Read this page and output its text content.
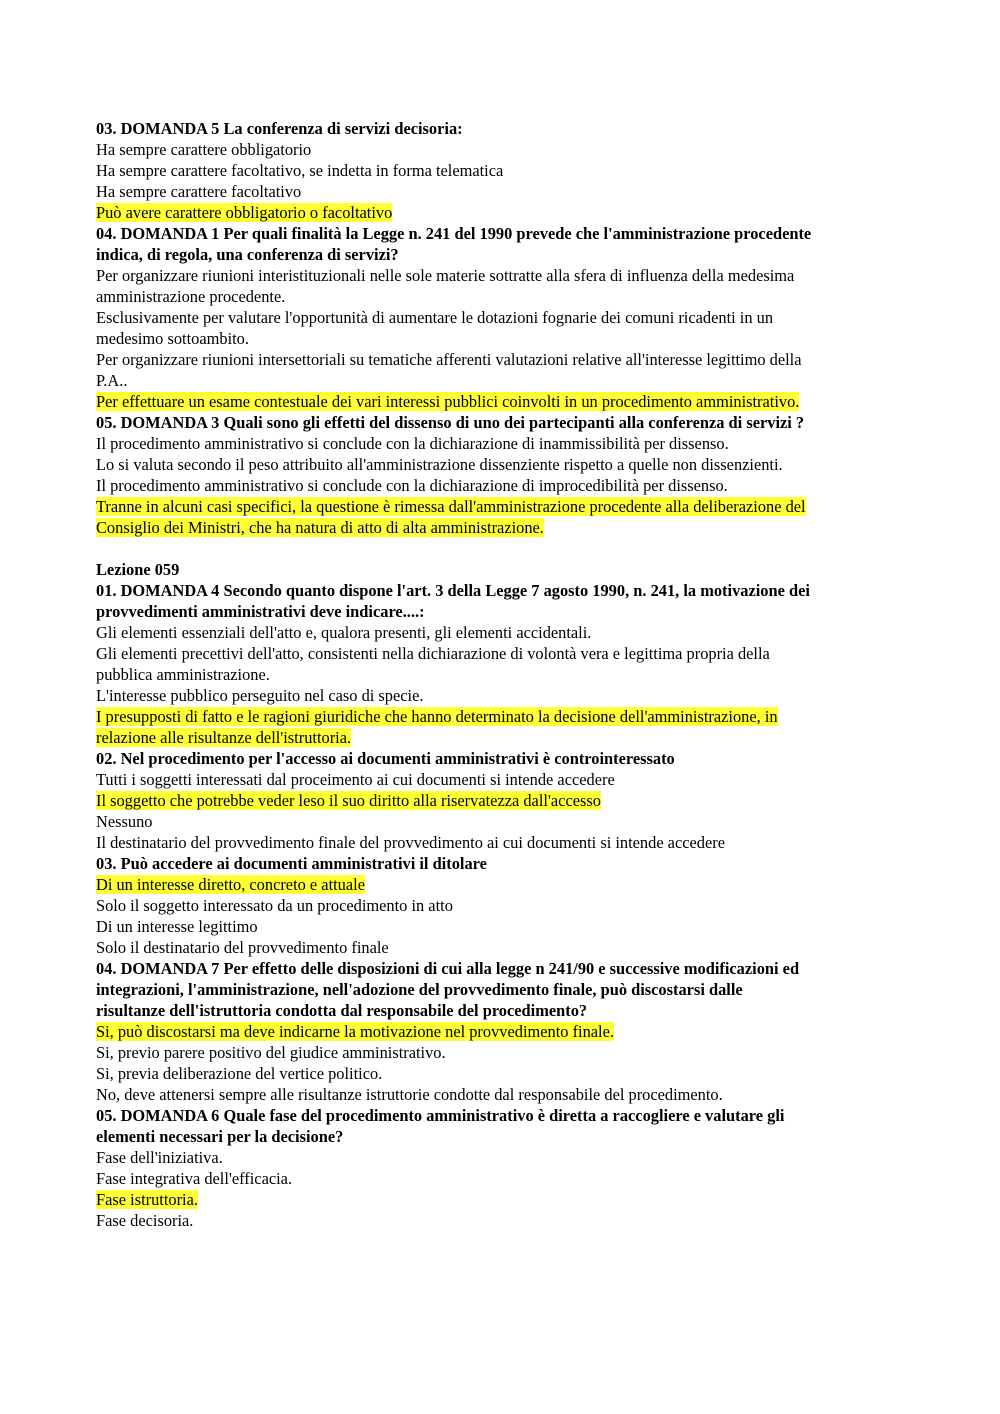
03. DOMANDA 5 La conferenza di servizi decisoria:
Ha sempre carattere obbligatorio
Ha sempre carattere facoltativo, se indetta in forma telematica
Ha sempre carattere facoltativo
Può avere carattere obbligatorio o facoltativo
04. DOMANDA 1 Per quali finalità la Legge n. 241 del 1990 prevede che l'amministrazione procedente
indica, di regola, una conferenza di servizi?
Per organizzare riunioni interistituzionali nelle sole materie sottratte alla sfera di influenza della medesima
amministrazione procedente.
Esclusivamente per valutare l'opportunità di aumentare le dotazioni fognarie dei comuni ricadenti in un
medesimo sottoambito.
Per organizzare riunioni intersettoriali su tematiche afferenti valutazioni relative all'interesse legittimo della
P.A..
Per effettuare un esame contestuale dei vari interessi pubblici coinvolti in un procedimento amministrativo.
05. DOMANDA 3 Quali sono gli effetti del dissenso di uno dei partecipanti alla conferenza di servizi ?
Il procedimento amministrativo si conclude con la dichiarazione di inammissibilità per dissenso.
Lo si valuta secondo il peso attribuito all'amministrazione dissenziente rispetto a quelle non dissenzienti.
Il procedimento amministrativo si conclude con la dichiarazione di improcedibilità per dissenso.
Tranne in alcuni casi specifici, la questione è rimessa dall'amministrazione procedente alla deliberazione del
Consiglio dei Ministri, che ha natura di atto di alta amministrazione.
Lezione 059
01. DOMANDA 4 Secondo quanto dispone l'art. 3 della Legge 7 agosto 1990, n. 241, la motivazione dei
provvedimenti amministrativi deve indicare....:
Gli elementi essenziali dell'atto e, qualora presenti, gli elementi accidentali.
Gli elementi precettivi dell'atto, consistenti nella dichiarazione di volontà vera e legittima propria della
pubblica amministrazione.
L'interesse pubblico perseguito nel caso di specie.
I presupposti di fatto e le ragioni giuridiche che hanno determinato la decisione dell'amministrazione, in
relazione alle risultanze dell'istruttoria.
02. Nel procedimento per l'accesso ai documenti amministrativi è controinteressato
Tutti i soggetti interessati dal proceimento ai cui documenti si intende accedere
Il soggetto che potrebbe veder leso il suo diritto alla riservatezza dall'accesso
Nessuno
Il destinatario del provvedimento finale del provvedimento ai cui documenti si intende accedere
03. Può accedere ai documenti amministrativi il ditolare
Di un interesse diretto, concreto e attuale
Solo il soggetto interessato da un procedimento in atto
Di un interesse legittimo
Solo il destinatario del provvedimento finale
04. DOMANDA 7 Per effetto delle disposizioni di cui alla legge n 241/90 e successive modificazioni ed
integrazioni, l'amministrazione, nell'adozione del provvedimento finale, può discostarsi dalle
risultanze dell'istruttoria condotta dal responsabile del procedimento?
Si, può discostarsi ma deve indicarne la motivazione nel provvedimento finale.
Si, previo parere positivo del giudice amministrativo.
Si, previa deliberazione del vertice politico.
No, deve attenersi sempre alle risultanze istruttorie condotte dal responsabile del procedimento.
05. DOMANDA 6 Quale fase del procedimento amministrativo è diretta a raccogliere e valutare gli
elementi necessari per la decisione?
Fase dell'iniziativa.
Fase integrativa dell'efficacia.
Fase istruttoria.
Fase decisoria.
